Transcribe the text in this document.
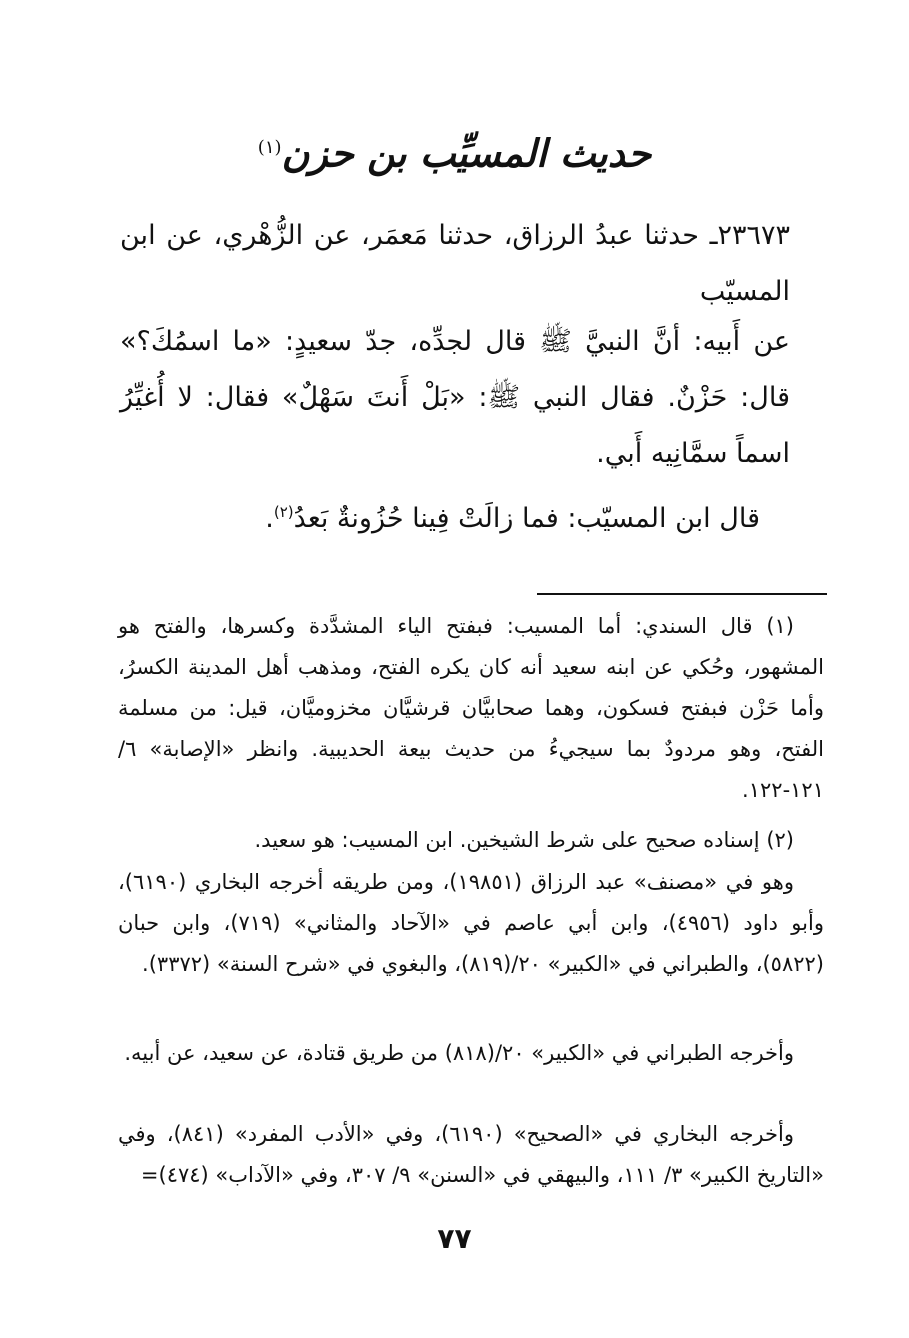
حديث المسيِّب بن حزن$^{(١)}$
٢٣٦٧٣ـ حدثنا عبدُ الرزاق، حدثنا مَعمَر، عن الزُّهْري، عن ابن المسيّب
عن أَبيه: أنَّ النبيَّ ﷺ قال لجدِّه، جدّ سعيدٍ: «ما اسمُكَ؟» قال: حَزْنٌ. فقال النبي ﷺ: «بَلْ أَنتَ سَهْلٌ» فقال: لا أُغيِّرُ اسماً سمَّانِيه أَبي.
قال ابن المسيّب: فما زالَتْ فِينا حُزُونةٌ بَعدُ$^{(٢)}$.
(١) قال السندي: أما المسيب: فبفتح الياء المشدَّدة وكسرها، والفتح هو المشهور، وحُكي عن ابنه سعيد أنه كان يكره الفتح، ومذهب أهل المدينة الكسرُ، وأما حَزْن فبفتح فسكون، وهما صحابيَّان قرشيَّان مخزوميَّان، قيل: من مسلمة الفتح، وهو مردودٌ بما سيجيءُ من حديث بيعة الحديبية. وانظر «الإصابة» ٦/ ١٢١-١٢٢.
(٢) إسناده صحيح على شرط الشيخين. ابن المسيب: هو سعيد.
وهو في «مصنف» عبد الرزاق (١٩٨٥١)، ومن طريقه أخرجه البخاري (٦١٩٠)، وأبو داود (٤٩٥٦)، وابن أبي عاصم في «الآحاد والمثاني» (٧١٩)، وابن حبان (٥٨٢٢)، والطبراني في «الكبير» ٢٠/(٨١٩)، والبغوي في «شرح السنة» (٣٣٧٢).
وأخرجه الطبراني في «الكبير» ٢٠/(٨١٨) من طريق قتادة، عن سعيد، عن أبيه.
وأخرجه البخاري في «الصحيح» (٦١٩٠)، وفي «الأدب المفرد» (٨٤١)، وفي «التاريخ الكبير» ٣/ ١١١، والبيهقي في «السنن» ٩/ ٣٠٧، وفي «الآداب» (٤٧٤)=
٧٧
